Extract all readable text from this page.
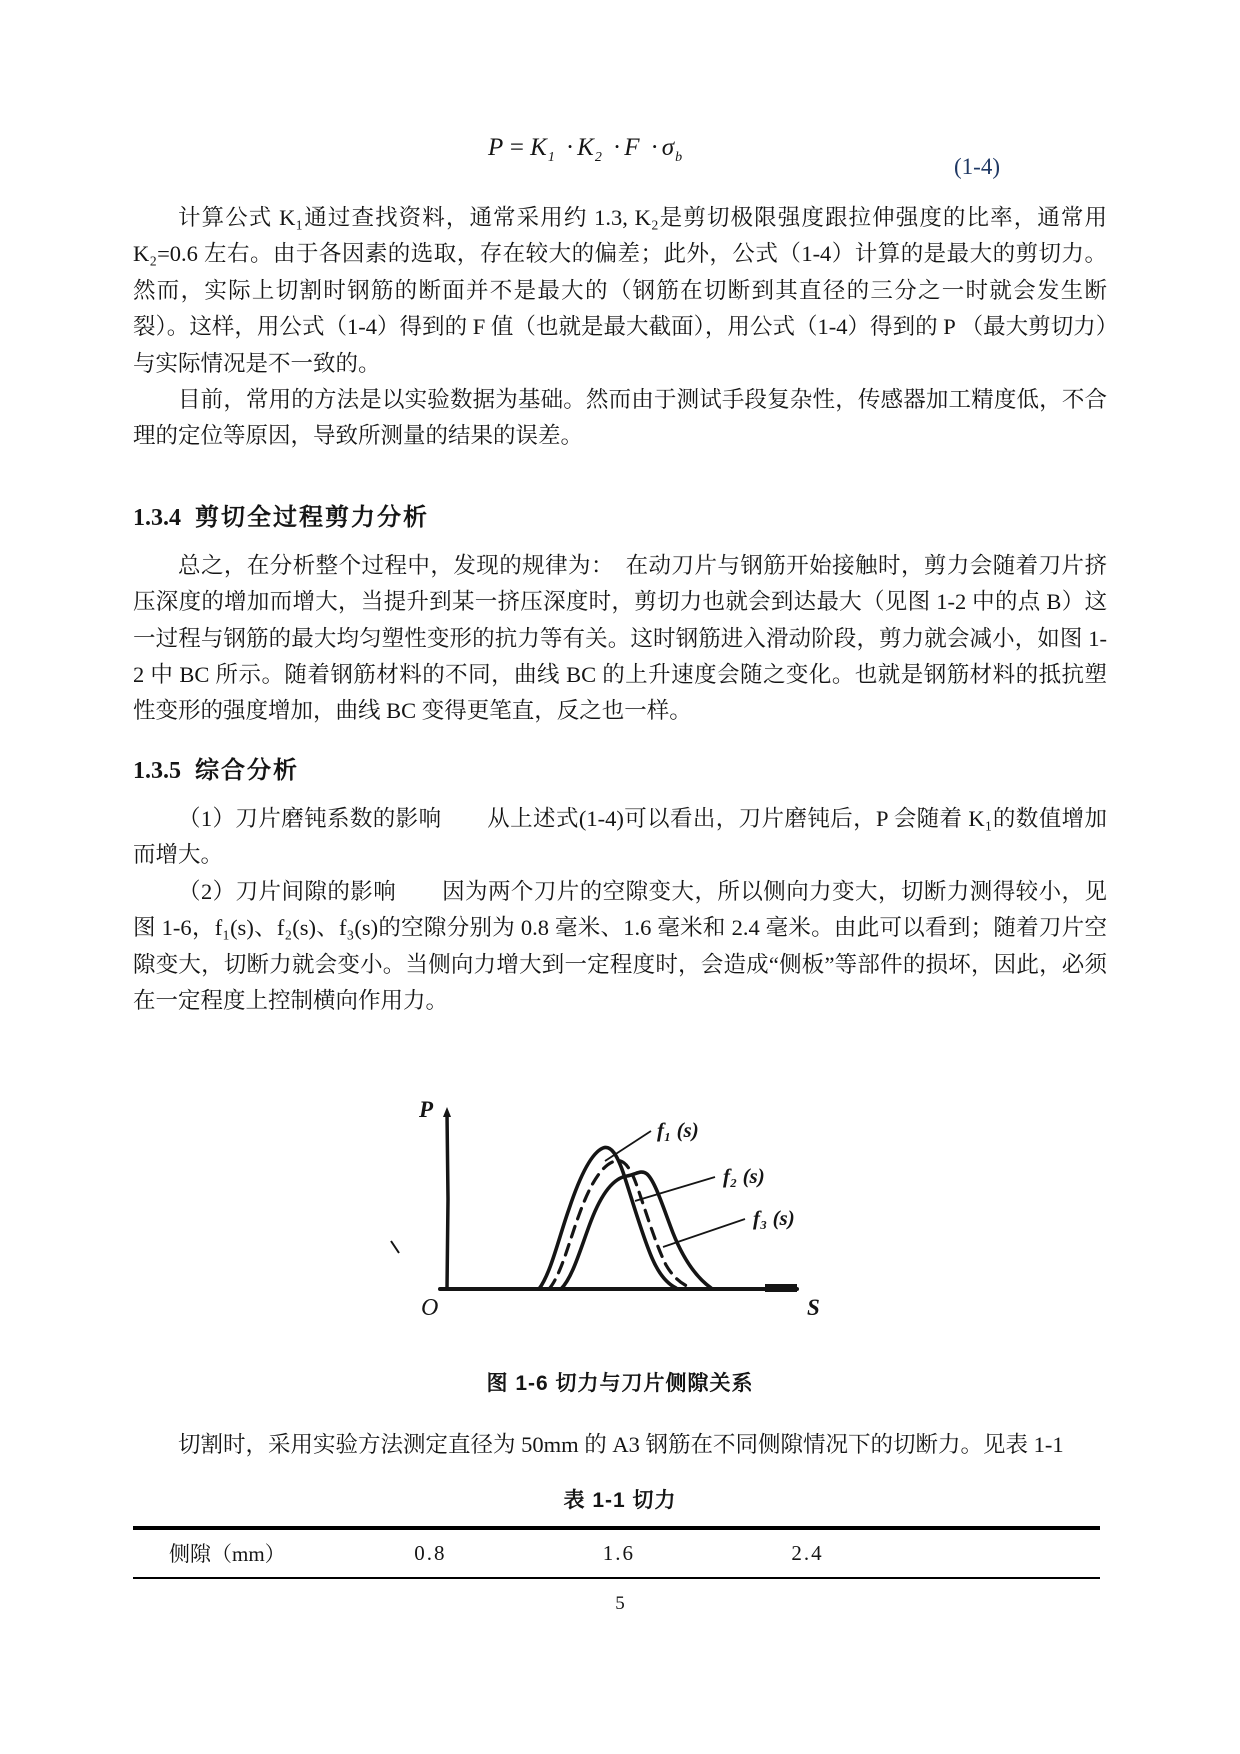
$P = K_1 \cdot K_2 \cdot F \cdot\sigma_b$	(1-4)

计算公式 K₁通过查找资料，通常采用约 1.3, K₂是剪切极限强度跟拉伸强度的比率，通常用 K₂=0.6 左右。由于各因素的选取，存在较大的偏差；此外，公式（1-4）计算的是最大的剪切力。然而，实际上切割时钢筋的断面并不是最大的（钢筋在切断到其直径的三分之一时就会发生断裂）。这样，用公式（1-4）得到的 F 值（也就是最大截面），用公式（1-4）得到的 P （最大剪切力）与实际情况是不一致的。

目前，常用的方法是以实验数据为基础。然而由于测试手段复杂性，传感器加工精度低，不合理的定位等原因，导致所测量的结果的误差。

1.3.4 剪切全过程剪力分析

总之，在分析整个过程中，发现的规律为：　在动刀片与钢筋开始接触时，剪力会随着刀片挤压深度的增加而增大，当提升到某一挤压深度时，剪切力也就会到达最大（见图 1-2 中的点 B）这一过程与钢筋的最大均匀塑性变形的抗力等有关。这时钢筋进入滑动阶段，剪力就会减小，如图 1-2 中 BC 所示。随着钢筋材料的不同，曲线 BC 的上升速度会随之变化。也就是钢筋材料的抵抗塑性变形的强度增加，曲线 BC 变得更笔直，反之也一样。

1.3.5 综合分析

（1）刀片磨钝系数的影响　　从上述式(1-4)可以看出，刀片磨钝后，P 会随着 K₁的数值增加而增大。

（2）刀片间隙的影响　　因为两个刀片的空隙变大，所以侧向力变大，切断力测得较小，见图 1-6，f₁(s)、f₂(s)、f₃(s)的空隙分别为 0.8 毫米、1.6 毫米和 2.4 毫米。由此可以看到；随着刀片空隙变大，切断力就会变小。当侧向力增大到一定程度时，会造成“侧板”等部件的损坏，因此，必须在一定程度上控制横向作用力。

P
S
O
f₁ (s)
f₂ (s)
f₃ (s)
图 1-6 切力与刀片侧隙关系

切割时，采用实验方法测定直径为 50mm 的 A3 钢筋在不同侧隙情况下的切断力。见表 1-1

表 1-1 切力
侧隙（mm）	0.8	1.6	2.4
5
